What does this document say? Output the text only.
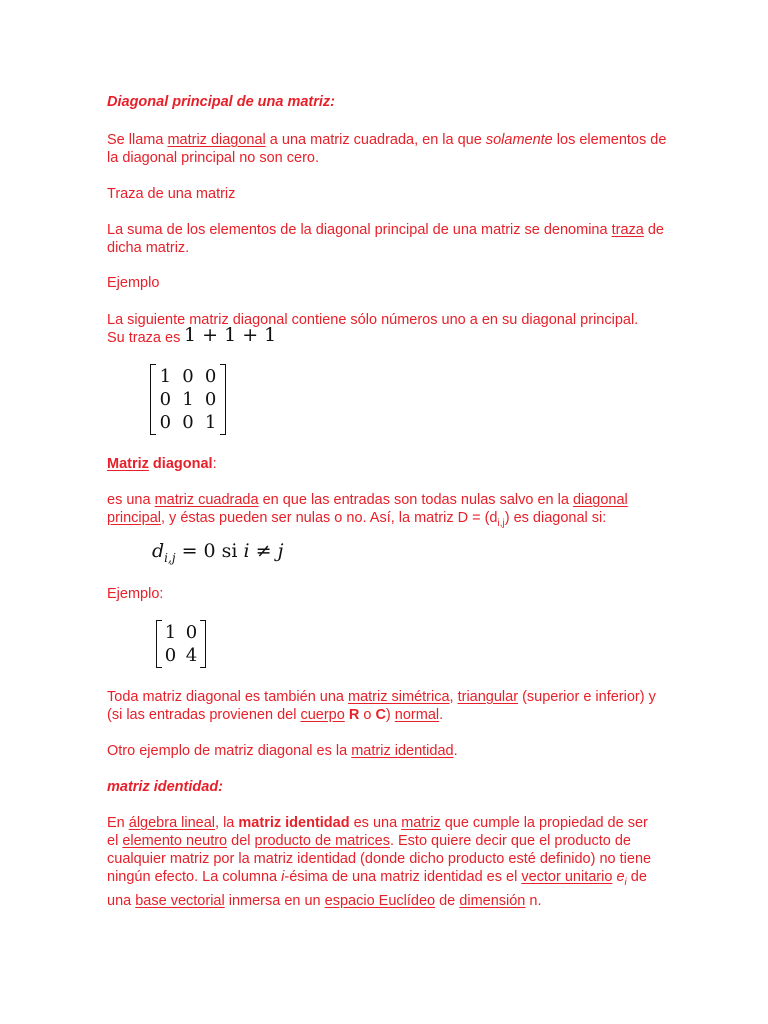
Diagonal principal de una matriz:

Se llama matriz diagonal a una matriz cuadrada, en la que solamente los elementos de la diagonal principal no son cero.

Traza de una matriz

La suma de los elementos de la diagonal principal de una matriz se denomina traza de dicha matriz.

Ejemplo

La siguiente matriz diagonal contiene sólo números uno a en su diagonal principal.
Su traza es 1 + 1 + 1
1	0	0
0	1	0
0	0	1

Matriz diagonal:

es una matriz cuadrada en que las entradas son todas nulas salvo en la diagonal principal, y éstas pueden ser nulas o no. Así, la matriz $D = (d_{i,j})$ es diagonal si:

$d_{i,j} = 0$ si i ≠ j

Ejemplo:

1	0
0	4

Toda matriz diagonal es también una matriz simétrica, triangular (superior e inferior) y (si las entradas provienen del cuerpo R o C) normal.

Otro ejemplo de matriz diagonal es la matriz identidad.

matriz identidad:

En álgebra lineal, la matriz identidad es una matriz que cumple la propiedad de ser el elemento neutro del producto de matrices. Esto quiere decir que el producto de cualquier matriz por la matriz identidad (donde dicho producto esté definido) no tiene ningún efecto. La columna i-ésima de una matriz identidad es el vector unitario $e_i$ de una base vectorial inmersa en un espacio Euclídeo de dimensión n.
